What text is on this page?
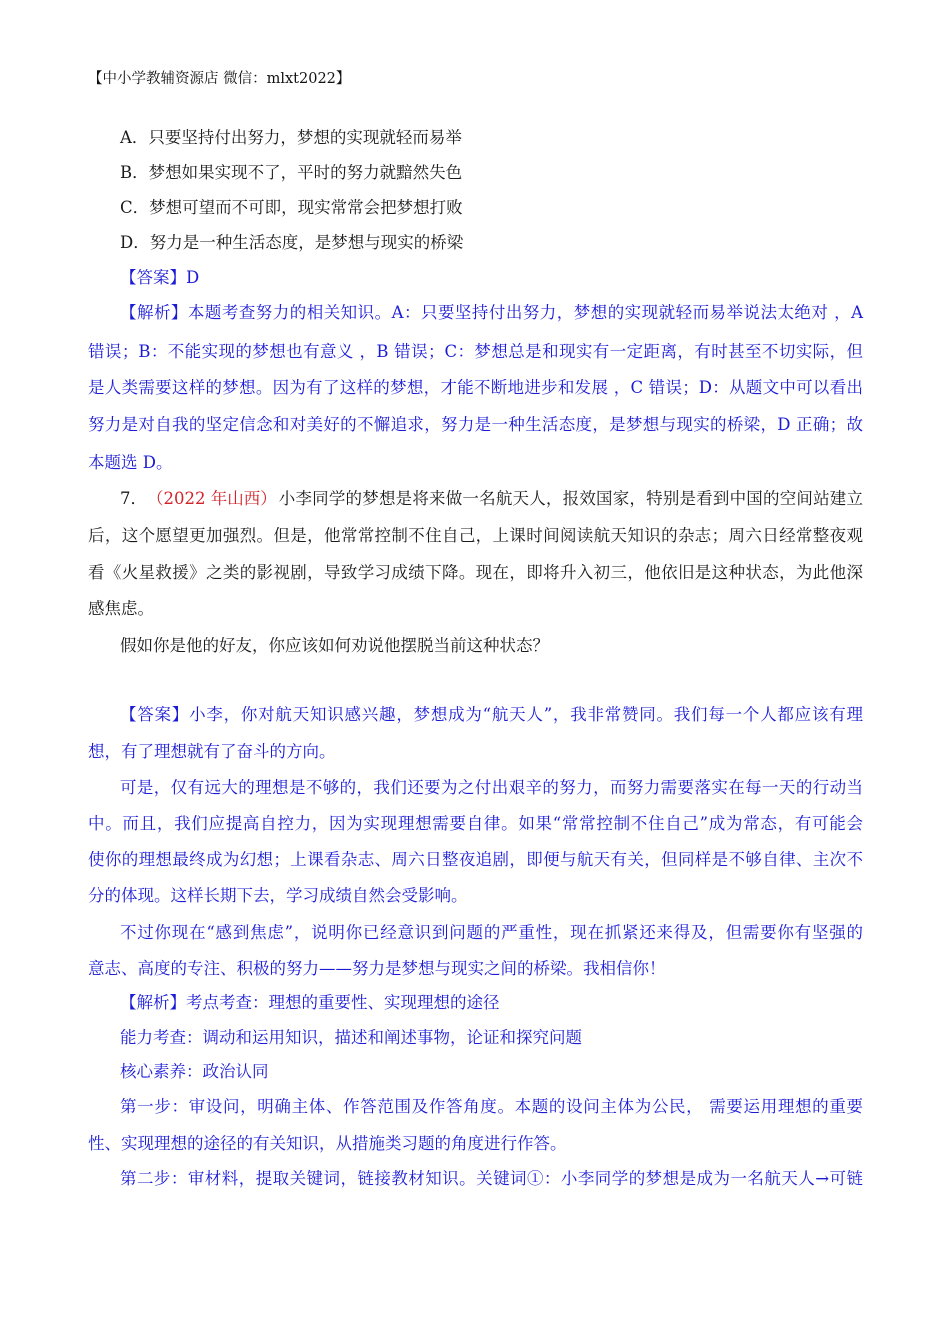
【中小学教辅资源店 微信：mlxt2022】
A．只要坚持付出努力，梦想的实现就轻而易举
B．梦想如果实现不了，平时的努力就黯然失色
C．梦想可望而不可即，现实常常会把梦想打败
D．努力是一种生活态度，是梦想与现实的桥梁
【答案】D
【解析】本题考查努力的相关知识。A：只要坚持付出努力，梦想的实现就轻而易举说法太绝对 ，A
错误；B：不能实现的梦想也有意义 ，B 错误；C：梦想总是和现实有一定距离，有时甚至不切实际，但
是人类需要这样的梦想。因为有了这样的梦想，才能不断地进步和发展 ，C 错误；D：从题文中可以看出
努力是对自我的坚定信念和对美好的不懈追求，努力是一种生活态度，是梦想与现实的桥梁，D 正确；故
本题选 D。
7． （2022 年山西） 小李同学的梦想是将来做一名航天人，报效国家，特别是看到中国的空间站建立
后，这个愿望更加强烈。但是，他常常控制不住自己，上课时间阅读航天知识的杂志；周六日经常整夜观
看《火星救援》之类的影视剧，导致学习成绩下降。现在，即将升入初三，他依旧是这种状态，为此他深
感焦虑。
假如你是他的好友，你应该如何劝说他摆脱当前这种状态？
【答案】小李，你对航天知识感兴趣，梦想成为“航天人”，我非常赞同。我们每一个人都应该有理
想，有了理想就有了奋斗的方向。
可是，仅有远大的理想是不够的，我们还要为之付出艰辛的努力，而努力需要落实在每一天的行动当
中。而且，我们应提高自控力，因为实现理想需要自律。如果“常常控制不住自己”成为常态，有可能会
使你的理想最终成为幻想；上课看杂志、周六日整夜追剧，即便与航天有关，但同样是不够自律、主次不
分的体现。这样长期下去，学习成绩自然会受影响。
不过你现在“感到焦虑”，说明你已经意识到问题的严重性，现在抓紧还来得及，但需要你有坚强的
意志、高度的专注、积极的努力——努力是梦想与现实之间的桥梁。我相信你！
【解析】考点考查：理想的重要性、实现理想的途径
能力考查：调动和运用知识，描述和阐述事物，论证和探究问题
核心素养：政治认同
第一步：审设问，明确主体、作答范围及作答角度。本题的设问主体为公民， 需要运用理想的重要
性、实现理想的途径的有关知识，从措施类习题的角度进行作答。
第二步：审材料，提取关键词，链接教材知识。关键词①：小李同学的梦想是成为一名航天人→可链
